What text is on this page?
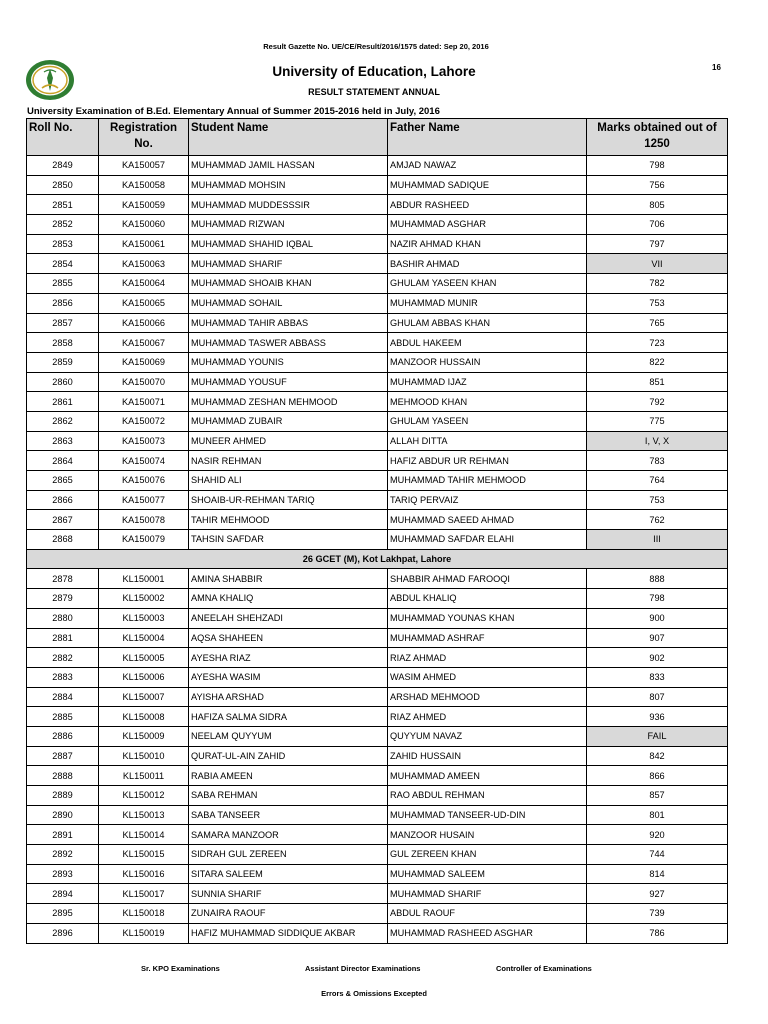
Result Gazette No. UE/CE/Result/2016/1575 dated: Sep 20, 2016
University of Education, Lahore	16
RESULT STATEMENT ANNUAL
University Examination of B.Ed. Elementary Annual of Summer 2015-2016 held in July, 2016
Roll No.	Registration No.	Student Name	Father Name	Marks obtained out of 1250
2849	KA150057	MUHAMMAD JAMIL HASSAN	AMJAD NAWAZ	798
2850	KA150058	MUHAMMAD MOHSIN	MUHAMMAD SADIQUE	756
2851	KA150059	MUHAMMAD MUDDESSSIR	ABDUR RASHEED	805
2852	KA150060	MUHAMMAD RIZWAN	MUHAMMAD ASGHAR	706
2853	KA150061	MUHAMMAD SHAHID IQBAL	NAZIR AHMAD KHAN	797
2854	KA150063	MUHAMMAD SHARIF	BASHIR AHMAD	VII
2855	KA150064	MUHAMMAD SHOAIB KHAN	GHULAM YASEEN KHAN	782
2856	KA150065	MUHAMMAD SOHAIL	MUHAMMAD MUNIR	753
2857	KA150066	MUHAMMAD TAHIR ABBAS	GHULAM ABBAS KHAN	765
2858	KA150067	MUHAMMAD TASWER ABBASS	ABDUL HAKEEM	723
2859	KA150069	MUHAMMAD YOUNIS	MANZOOR HUSSAIN	822
2860	KA150070	MUHAMMAD YOUSUF	MUHAMMAD IJAZ	851
2861	KA150071	MUHAMMAD ZESHAN MEHMOOD	MEHMOOD KHAN	792
2862	KA150072	MUHAMMAD ZUBAIR	GHULAM YASEEN	775
2863	KA150073	MUNEER AHMED	ALLAH DITTA	I, V, X
2864	KA150074	NASIR REHMAN	HAFIZ ABDUR UR REHMAN	783
2865	KA150076	SHAHID ALI	MUHAMMAD TAHIR MEHMOOD	764
2866	KA150077	SHOAIB-UR-REHMAN TARIQ	TARIQ PERVAIZ	753
2867	KA150078	TAHIR MEHMOOD	MUHAMMAD SAEED AHMAD	762
2868	KA150079	TAHSIN SAFDAR	MUHAMMAD SAFDAR ELAHI	III
26 GCET (M), Kot Lakhpat, Lahore				
2878	KL150001	AMINA SHABBIR	SHABBIR AHMAD FAROOQI	888
2879	KL150002	AMNA KHALIQ	ABDUL KHALIQ	798
2880	KL150003	ANEELAH SHEHZADI	MUHAMMAD YOUNAS KHAN	900
2881	KL150004	AQSA SHAHEEN	MUHAMMAD ASHRAF	907
2882	KL150005	AYESHA RIAZ	RIAZ AHMAD	902
2883	KL150006	AYESHA WASIM	WASIM AHMED	833
2884	KL150007	AYISHA ARSHAD	ARSHAD MEHMOOD	807
2885	KL150008	HAFIZA SALMA SIDRA	RIAZ AHMED	936
2886	KL150009	NEELAM QUYYUM	QUYYUM NAVAZ	FAIL
2887	KL150010	QURAT-UL-AIN ZAHID	ZAHID HUSSAIN	842
2888	KL150011	RABIA AMEEN	MUHAMMAD AMEEN	866
2889	KL150012	SABA REHMAN	RAO ABDUL REHMAN	857
2890	KL150013	SABA TANSEER	MUHAMMAD TANSEER-UD-DIN	801
2891	KL150014	SAMARA MANZOOR	MANZOOR HUSAIN	920
2892	KL150015	SIDRAH GUL ZEREEN	GUL ZEREEN KHAN	744
2893	KL150016	SITARA SALEEM	MUHAMMAD SALEEM	814
2894	KL150017	SUNNIA SHARIF	MUHAMMAD SHARIF	927
2895	KL150018	ZUNAIRA RAOUF	ABDUL RAOUF	739
2896	KL150019	HAFIZ MUHAMMAD SIDDIQUE AKBAR	MUHAMMAD RASHEED ASGHAR	786
Sr. KPO Examinations	Assistant Director Examinations	Controller of Examinations
Errors & Omissions Excepted
